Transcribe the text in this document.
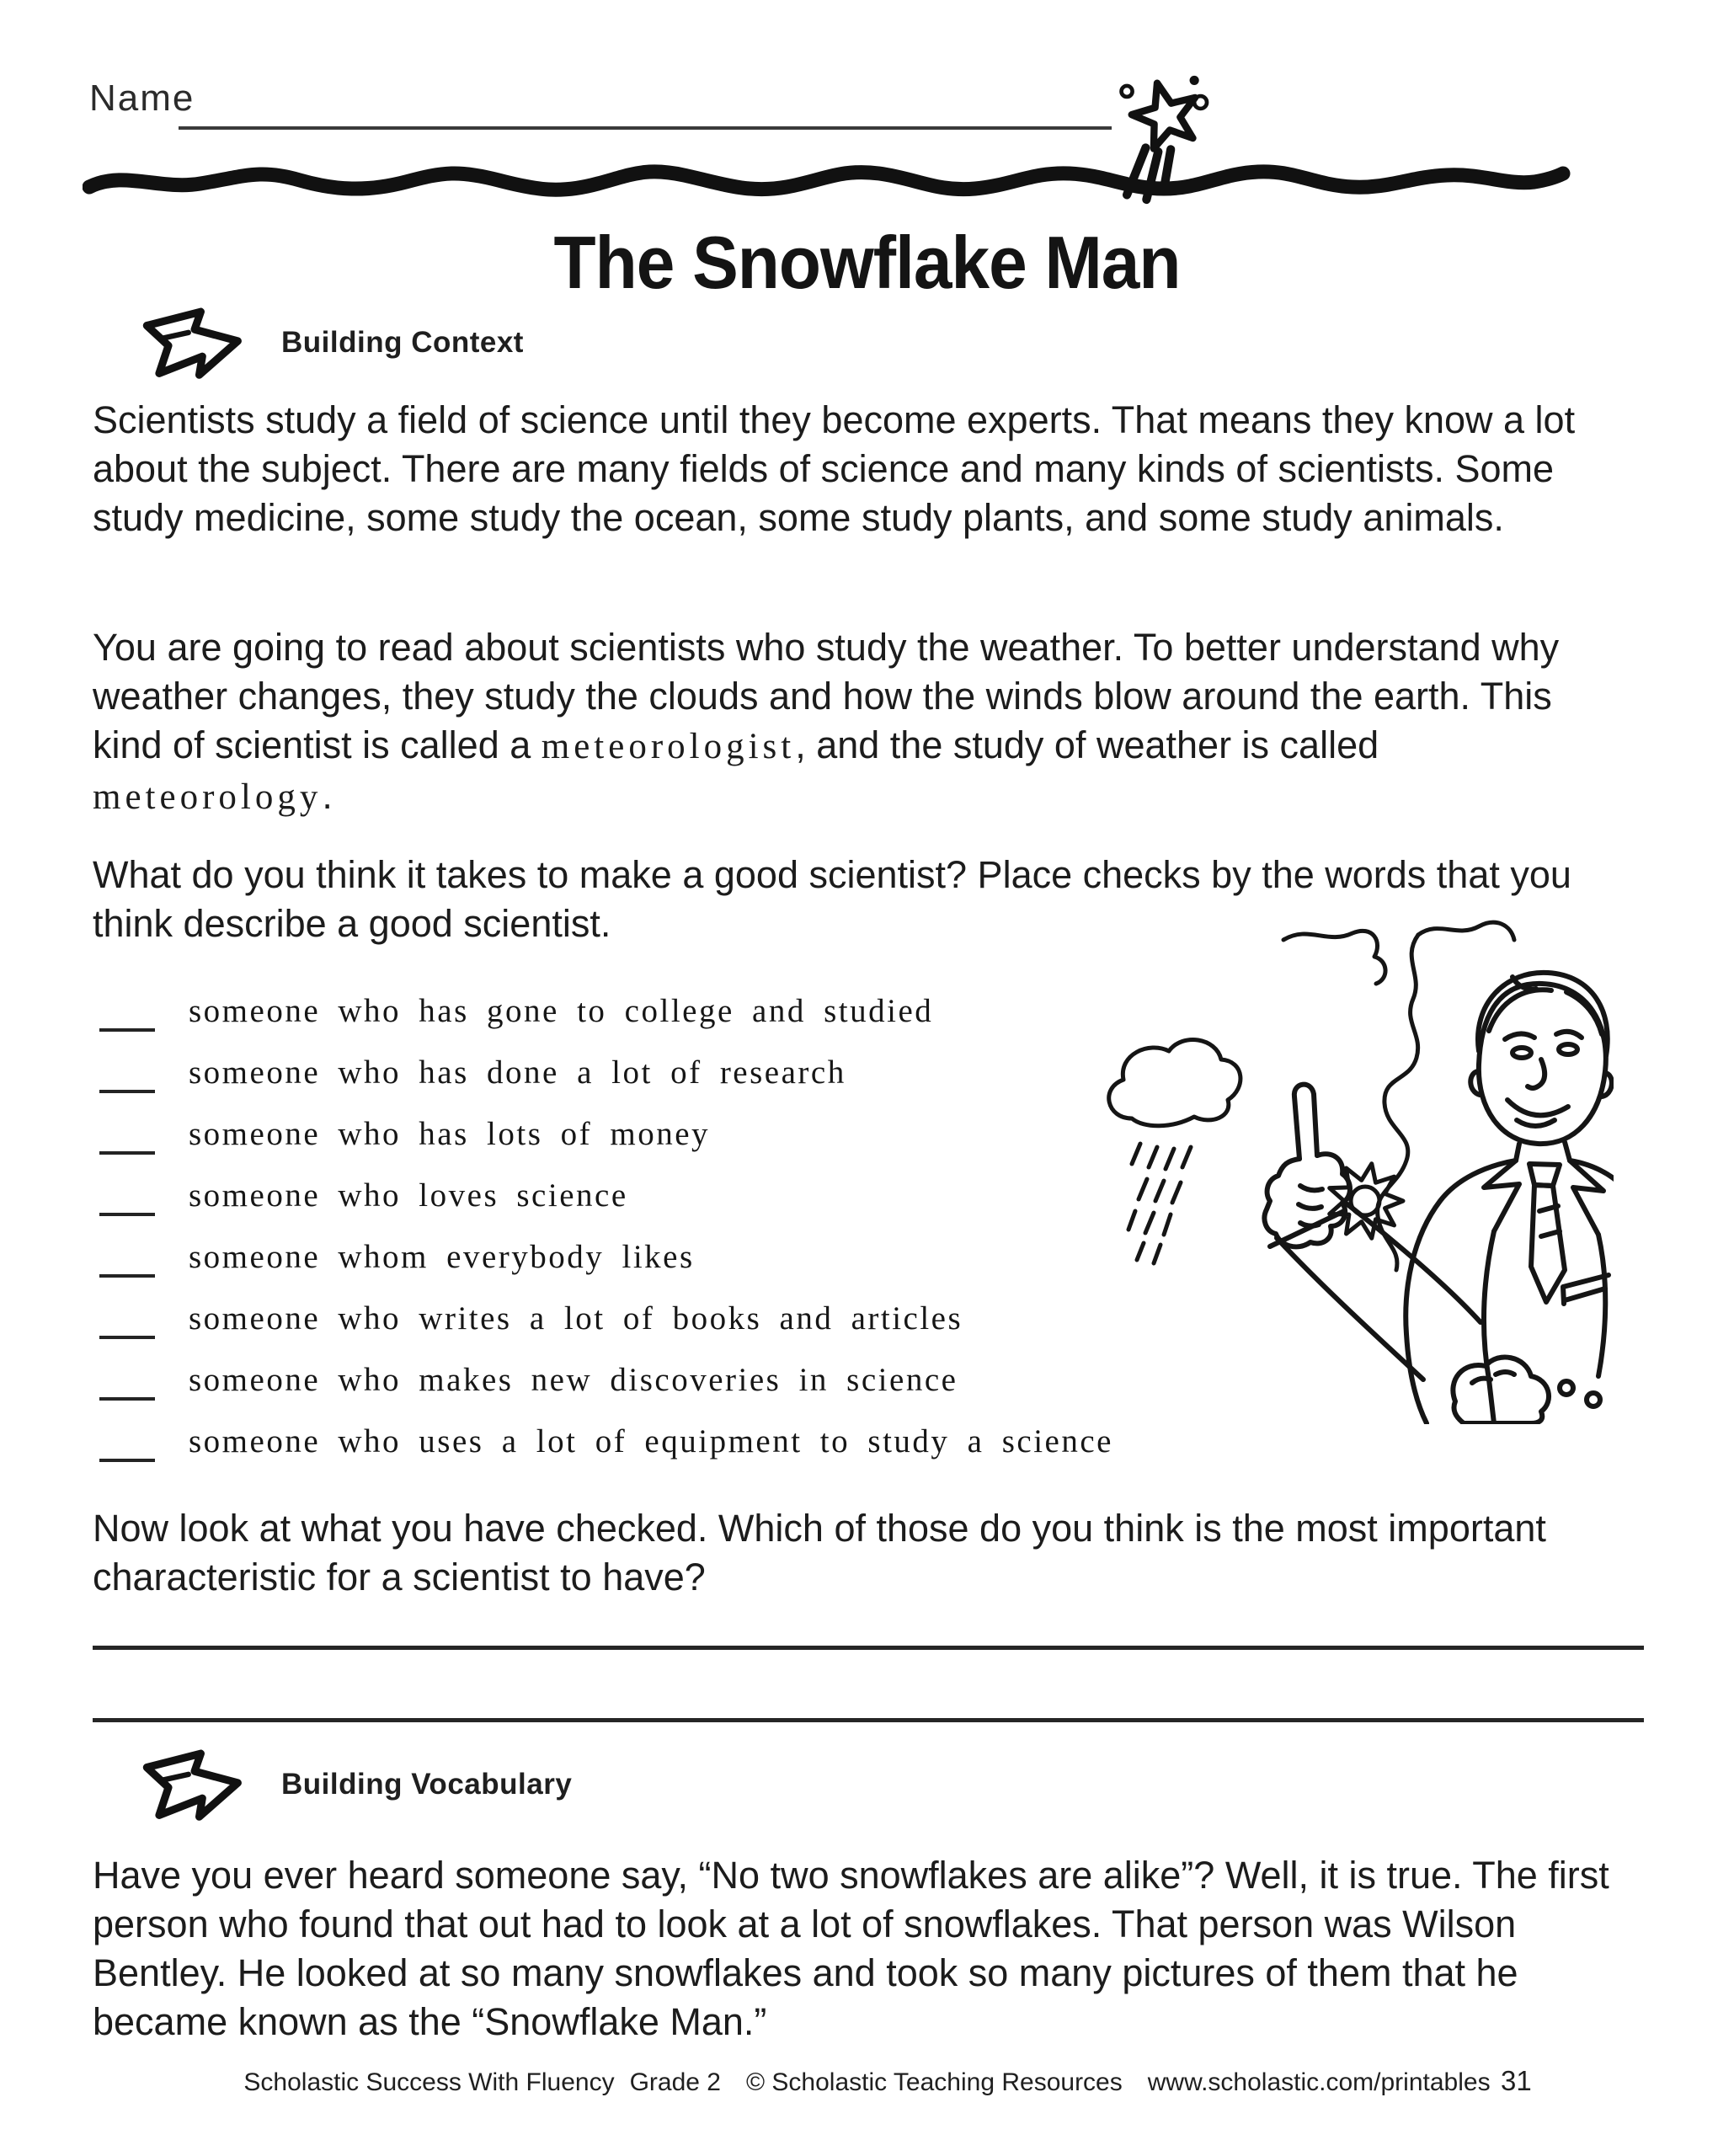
Name
The Snowflake Man
Building Context

Scientists study a field of science until they become experts. That means they know a lot about the subject. There are many fields of science and many kinds of scientists. Some study medicine, some study the ocean, some study plants, and some study animals.

You are going to read about scientists who study the weather. To better understand why weather changes, they study the clouds and how the winds blow around the earth. This kind of scientist is called a meteorologist, and the study of weather is called meteorology.

What do you think it takes to make a good scientist? Place checks by the words that you think describe a good scientist.

someone who has gone to college and studied
someone who has done a lot of research
someone who has lots of money
someone who loves science
someone whom everybody likes
someone who writes a lot of books and articles
someone who makes new discoveries in science
someone who uses a lot of equipment to study a science

Now look at what you have checked. Which of those do you think is the most important characteristic for a scientist to have?

Building Vocabulary

Have you ever heard someone say, “No two snowflakes are alike”? Well, it is true. The first person who found that out had to look at a lot of snowflakes. That person was Wilson Bentley. He looked at so many snowflakes and took so many pictures of them that he became known as the “Snowflake Man.”

Scholastic Success With Fluency Grade 2 © Scholastic Teaching Resources www.scholastic.com/printables 31
